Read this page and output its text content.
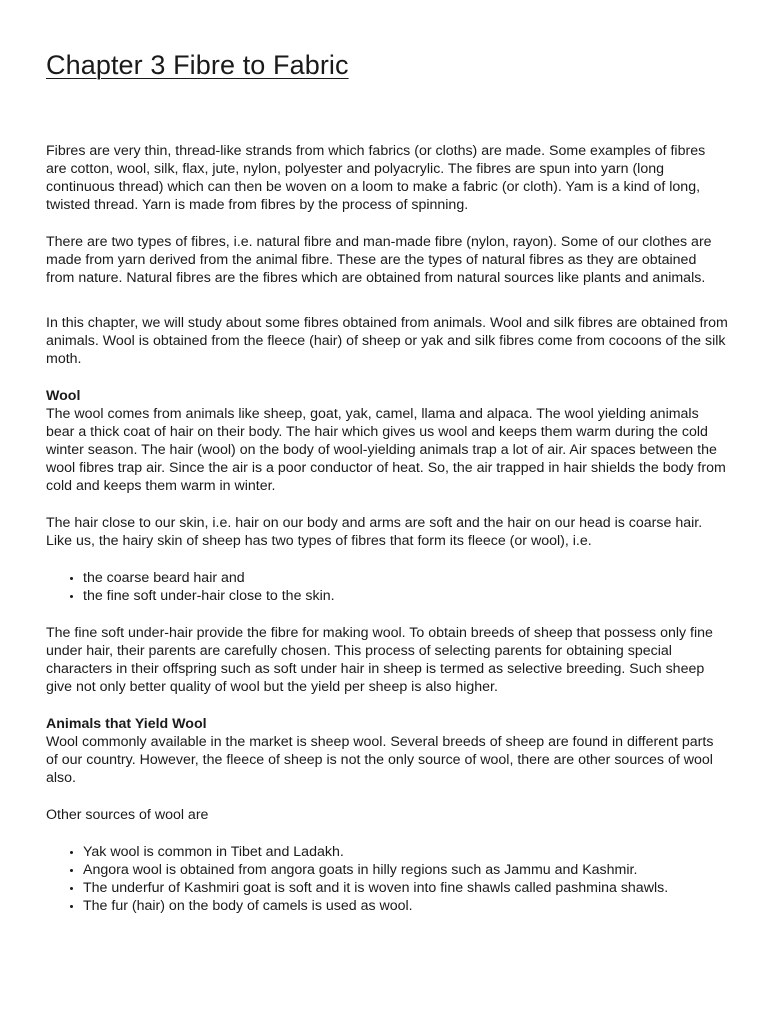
Chapter 3 Fibre to Fabric

Fibres are very thin, thread-like strands from which fabrics (or cloths) are made. Some examples of fibres are cotton, wool, silk, flax, jute, nylon, polyester and polyacrylic. The fibres are spun into yarn (long continuous thread) which can then be woven on a loom to make a fabric (or cloth). Yam is a kind of long, twisted thread. Yarn is made from fibres by the process of spinning.

There are two types of fibres, i.e. natural fibre and man-made fibre (nylon, rayon). Some of our clothes are made from yarn derived from the animal fibre. These are the types of natural fibres as they are obtained from nature. Natural fibres are the fibres which are obtained from natural sources like plants and animals.

In this chapter, we will study about some fibres obtained from animals. Wool and silk fibres are obtained from animals. Wool is obtained from the fleece (hair) of sheep or yak and silk fibres come from cocoons of the silk moth.

Wool
The wool comes from animals like sheep, goat, yak, camel, llama and alpaca. The wool yielding animals bear a thick coat of hair on their body. The hair which gives us wool and keeps them warm during the cold winter season. The hair (wool) on the body of wool-yielding animals trap a lot of air. Air spaces between the wool fibres trap air. Since the air is a poor conductor of heat. So, the air trapped in hair shields the body from cold and keeps them warm in winter.

The hair close to our skin, i.e. hair on our body and arms are soft and the hair on our head is coarse hair. Like us, the hairy skin of sheep has two types of fibres that form its fleece (or wool), i.e.

• the coarse beard hair and
• the fine soft under-hair close to the skin.

The fine soft under-hair provide the fibre for making wool. To obtain breeds of sheep that possess only fine under hair, their parents are carefully chosen. This process of selecting parents for obtaining special characters in their offspring such as soft under hair in sheep is termed as selective breeding. Such sheep give not only better quality of wool but the yield per sheep is also higher.

Animals that Yield Wool
Wool commonly available in the market is sheep wool. Several breeds of sheep are found in different parts of our country. However, the fleece of sheep is not the only source of wool, there are other sources of wool also.

Other sources of wool are

• Yak wool is common in Tibet and Ladakh.
• Angora wool is obtained from angora goats in hilly regions such as Jammu and Kashmir.
• The underfur of Kashmiri goat is soft and it is woven into fine shawls called pashmina shawls.
• The fur (hair) on the body of camels is used as wool.
